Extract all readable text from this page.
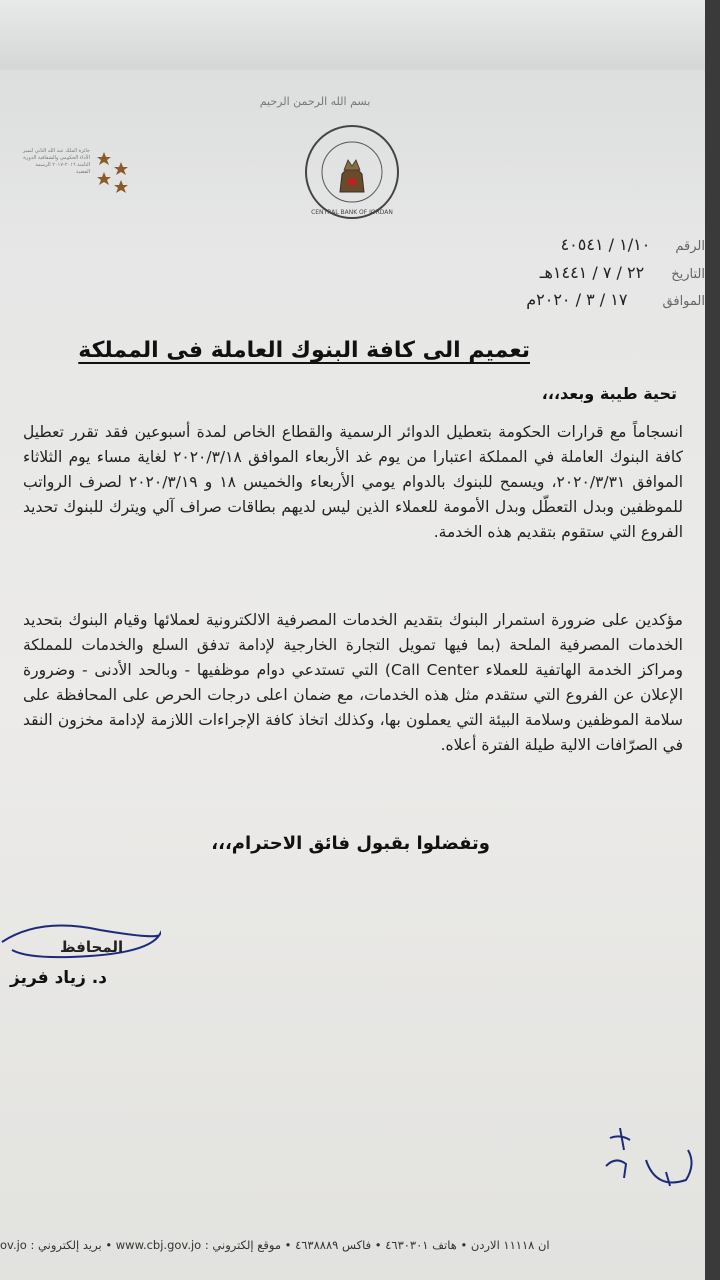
بسم الله الرحمن الرحيم
CENTRAL BANK OF JORDAN
جائزة الملك عبد الله الثاني لتميز الأداء الحكومي والشفافية الدورة الثامنة ٢٠١٦-٢٠١٧ الرسمة الفضية
الرقم ١/١٠ / ٤٠٥٤١
التاريخ ٢٢ / ٧ / ١٤٤١هـ
الموافق ١٧ / ٣ / ٢٠٢٠م
تعميم الى كافة البنوك العاملة فى المملكة
تحية طيبة وبعد،،،
انسجاماً مع قرارات الحكومة بتعطيل الدوائر الرسمية والقطاع الخاص لمدة أسبوعين فقد تقرر تعطيل كافة البنوك العاملة في المملكة اعتبارا من يوم غد الأربعاء الموافق ٢٠٢٠/٣/١٨ لغاية مساء يوم الثلاثاء الموافق ٢٠٢٠/٣/٣١، ويسمح للبنوك بالدوام يومي الأربعاء والخميس ١٨ و ٢٠٢٠/٣/١٩ لصرف الرواتب للموظفين وبدل التعطّل وبدل الأمومة للعملاء الذين ليس لديهم بطاقات صراف آلي ويترك للبنوك تحديد الفروع التي ستقوم بتقديم هذه الخدمة.
مؤكدين على ضرورة استمرار البنوك بتقديم الخدمات المصرفية الالكترونية لعملائها وقيام البنوك بتحديد الخدمات المصرفية الملحة (بما فيها تمويل التجارة الخارجية لإدامة تدفق السلع والخدمات للمملكة ومراكز الخدمة الهاتفية للعملاء Call Center) التي تستدعي دوام موظفيها - وبالحد الأدنى - وضرورة الإعلان عن الفروع التي ستقدم مثل هذه الخدمات، مع ضمان اعلى درجات الحرص على المحافظة على سلامة الموظفين وسلامة البيئة التي يعملون بها، وكذلك اتخاذ كافة الإجراءات اللازمة لإدامة مخزون النقد في الصرّافات الالية طيلة الفترة أعلاه.
وتفضلوا بقبول فائق الاحترام،،،
المحافظ
د. زياد فريز
ان ١١١١٨ الاردن • هاتف ٤٦٣٠٣٠١ • فاكس ٤٦٣٨٨٨٩ • موقع إلكتروني : www.cbj.gov.jo • بريد إلكتروني : ov.jo
